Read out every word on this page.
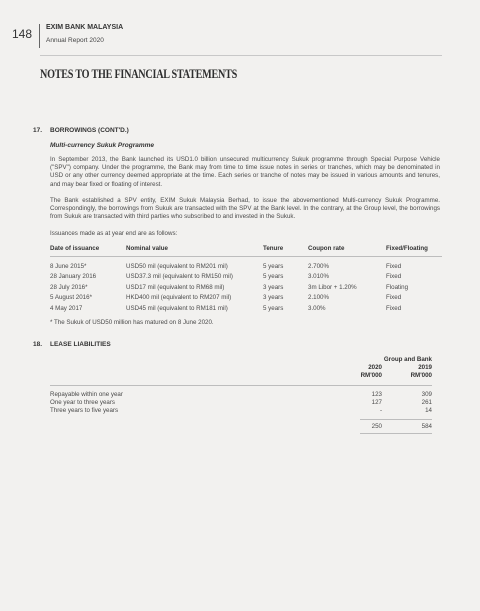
148 EXIM BANK MALAYSIA
Annual Report 2020
NOTES TO THE FINANCIAL STATEMENTS
17. BORROWINGS (CONT'D.)
Multi-currency Sukuk Programme
In September 2013, the Bank launched its USD1.0 billion unsecured multicurrency Sukuk programme through Special Purpose Vehicle ("SPV") company. Under the programme, the Bank may from time to time issue notes in series or tranches, which may be denominated in USD or any other currency deemed appropriate at the time. Each series or tranche of notes may be issued in various amounts and tenures, and may bear fixed or floating of interest.
The Bank established a SPV entity, EXIM Sukuk Malaysia Berhad, to issue the abovementioned Multi-currency Sukuk Programme. Correspondingly, the borrowings from Sukuk are transacted with the SPV at the Bank level. In the contrary, at the Group level, the borrowings from Sukuk are transacted with third parties who subscribed to and invested in the Sukuk.
Issuances made as at year end are as follows:
Date of issuance	Nominal value	Tenure	Coupon rate	Fixed/Floating
8 June 2015*	USD50 mil (equivalent to RM201 mil)	5 years	2.700%	Fixed
28 January 2016	USD37.3 mil (equivalent to RM150 mil)	5 years	3.010%	Fixed
28 July 2016*	USD17 mil (equivalent to RM68 mil)	3 years	3m Libor + 1.20%	Floating
5 August 2016*	HKD400 mil (equivalent to RM207 mil)	3 years	2.100%	Fixed
4 May 2017	USD45 mil (equivalent to RM181 mil)	5 years	3.00%	Fixed
* The Sukuk of USD50 million has matured on 8 June 2020.
18. LEASE LIABILITIES
Group and Bank
2020	2019
RM'000	RM'000
Repayable within one year	123	309
One year to three years	127	261
Three years to five years	-	14
250	584
